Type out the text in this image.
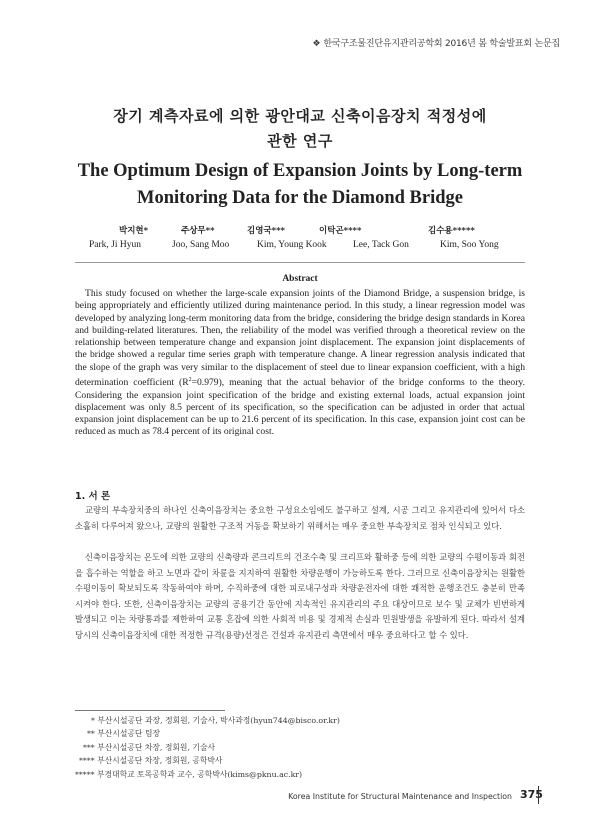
❖ 한국구조물진단유지관리공학회 2016년 봄 학술발표회 논문집
장기 계측자료에 의한 광안대교 신축이음장치 적정성에
관한 연구
The Optimum Design of Expansion Joints by Long-term
Monitoring Data for the Diamond Bridge
박지현*	주상무**	김영국***	이탁곤****	김수용*****
Park, Ji Hyun	Joo, Sang Moo	Kim, Young Kook	Lee, Tack Gon	Kim, Soo Yong
Abstract
This study focused on whether the large-scale expansion joints of the Diamond Bridge, a suspension bridge, is being appropriately and efficiently utilized during maintenance period. In this study, a linear regression model was developed by analyzing long-term monitoring data from the bridge, considering the bridge design standards in Korea and building-related literatures. Then, the reliability of the model was verified through a theoretical review on the relationship between temperature change and expansion joint displacement. The expansion joint displacements of the bridge showed a regular time series graph with temperature change. A linear regression analysis indicated that the slope of the graph was very similar to the displacement of steel due to linear expansion coefficient, with a high determination coefficient $(R^2=0.979)$, meaning that the actual behavior of the bridge conforms to the theory. Considering the expansion joint specification of the bridge and existing external loads, actual expansion joint displacement was only 8.5 percent of its specification, so the specification can be adjusted in order that actual expansion joint displacement can be up to 21.6 percent of its specification. In this case, expansion joint cost can be reduced as much as 78.4 percent of its original cost.
1. 서 론
교량의 부속장치중의 하나인 신축이음장치는 중요한 구성요소임에도 불구하고 설계, 시공 그리고 유지관리에 있어서 다소 소홀히 다루어져 왔으나, 교량의 원활한 구조적 거동을 확보하기 위해서는 매우 중요한 부속장치로 점차 인식되고 있다.
신축이음장치는 온도에 의한 교량의 신축량과 콘크리트의 건조수축 및 크리프와 활하중 등에 의한 교량의 수평이동과 회전을 흡수하는 역할을 하고 노면과 같이 차륜을 지지하여 원활한 차량운행이 가능하도록 한다. 그러므로 신축이음장치는 원활한 수평이동이 확보되도록 작동하여야 하며, 수직하중에 대한 피로내구성과 차량운전자에 대한 쾌적한 운행조건도 충분히 만족시켜야 한다. 또한, 신축이음장치는 교량의 공용기간 동안에 지속적인 유지관리의 주요 대상이므로 보수 및 교체가 빈번하게 발생되고 이는 차량통과를 제한하여 교통 혼잡에 의한 사회적 비용 및 경제적 손실과 민원발생을 유발하게 된다. 따라서 설계당시의 신축이음장치에 대한 적정한 규격(용량)선정은 건설과 유지관리 측면에서 매우 중요하다고 할 수 있다.
* 부산시설공단 과장, 정회원, 기술사, 박사과정(hyun744@bisco.or.kr)
** 부산시설공단 팀장
*** 부산시설공단 차장, 정회원, 기술사
**** 부산시설공단 차장, 정회원, 공학박사
***** 부경대학교 토목공학과 교수, 공학박사(kims@pknu.ac.kr)
Korea Institute for Structural Maintenance and Inspection 375
